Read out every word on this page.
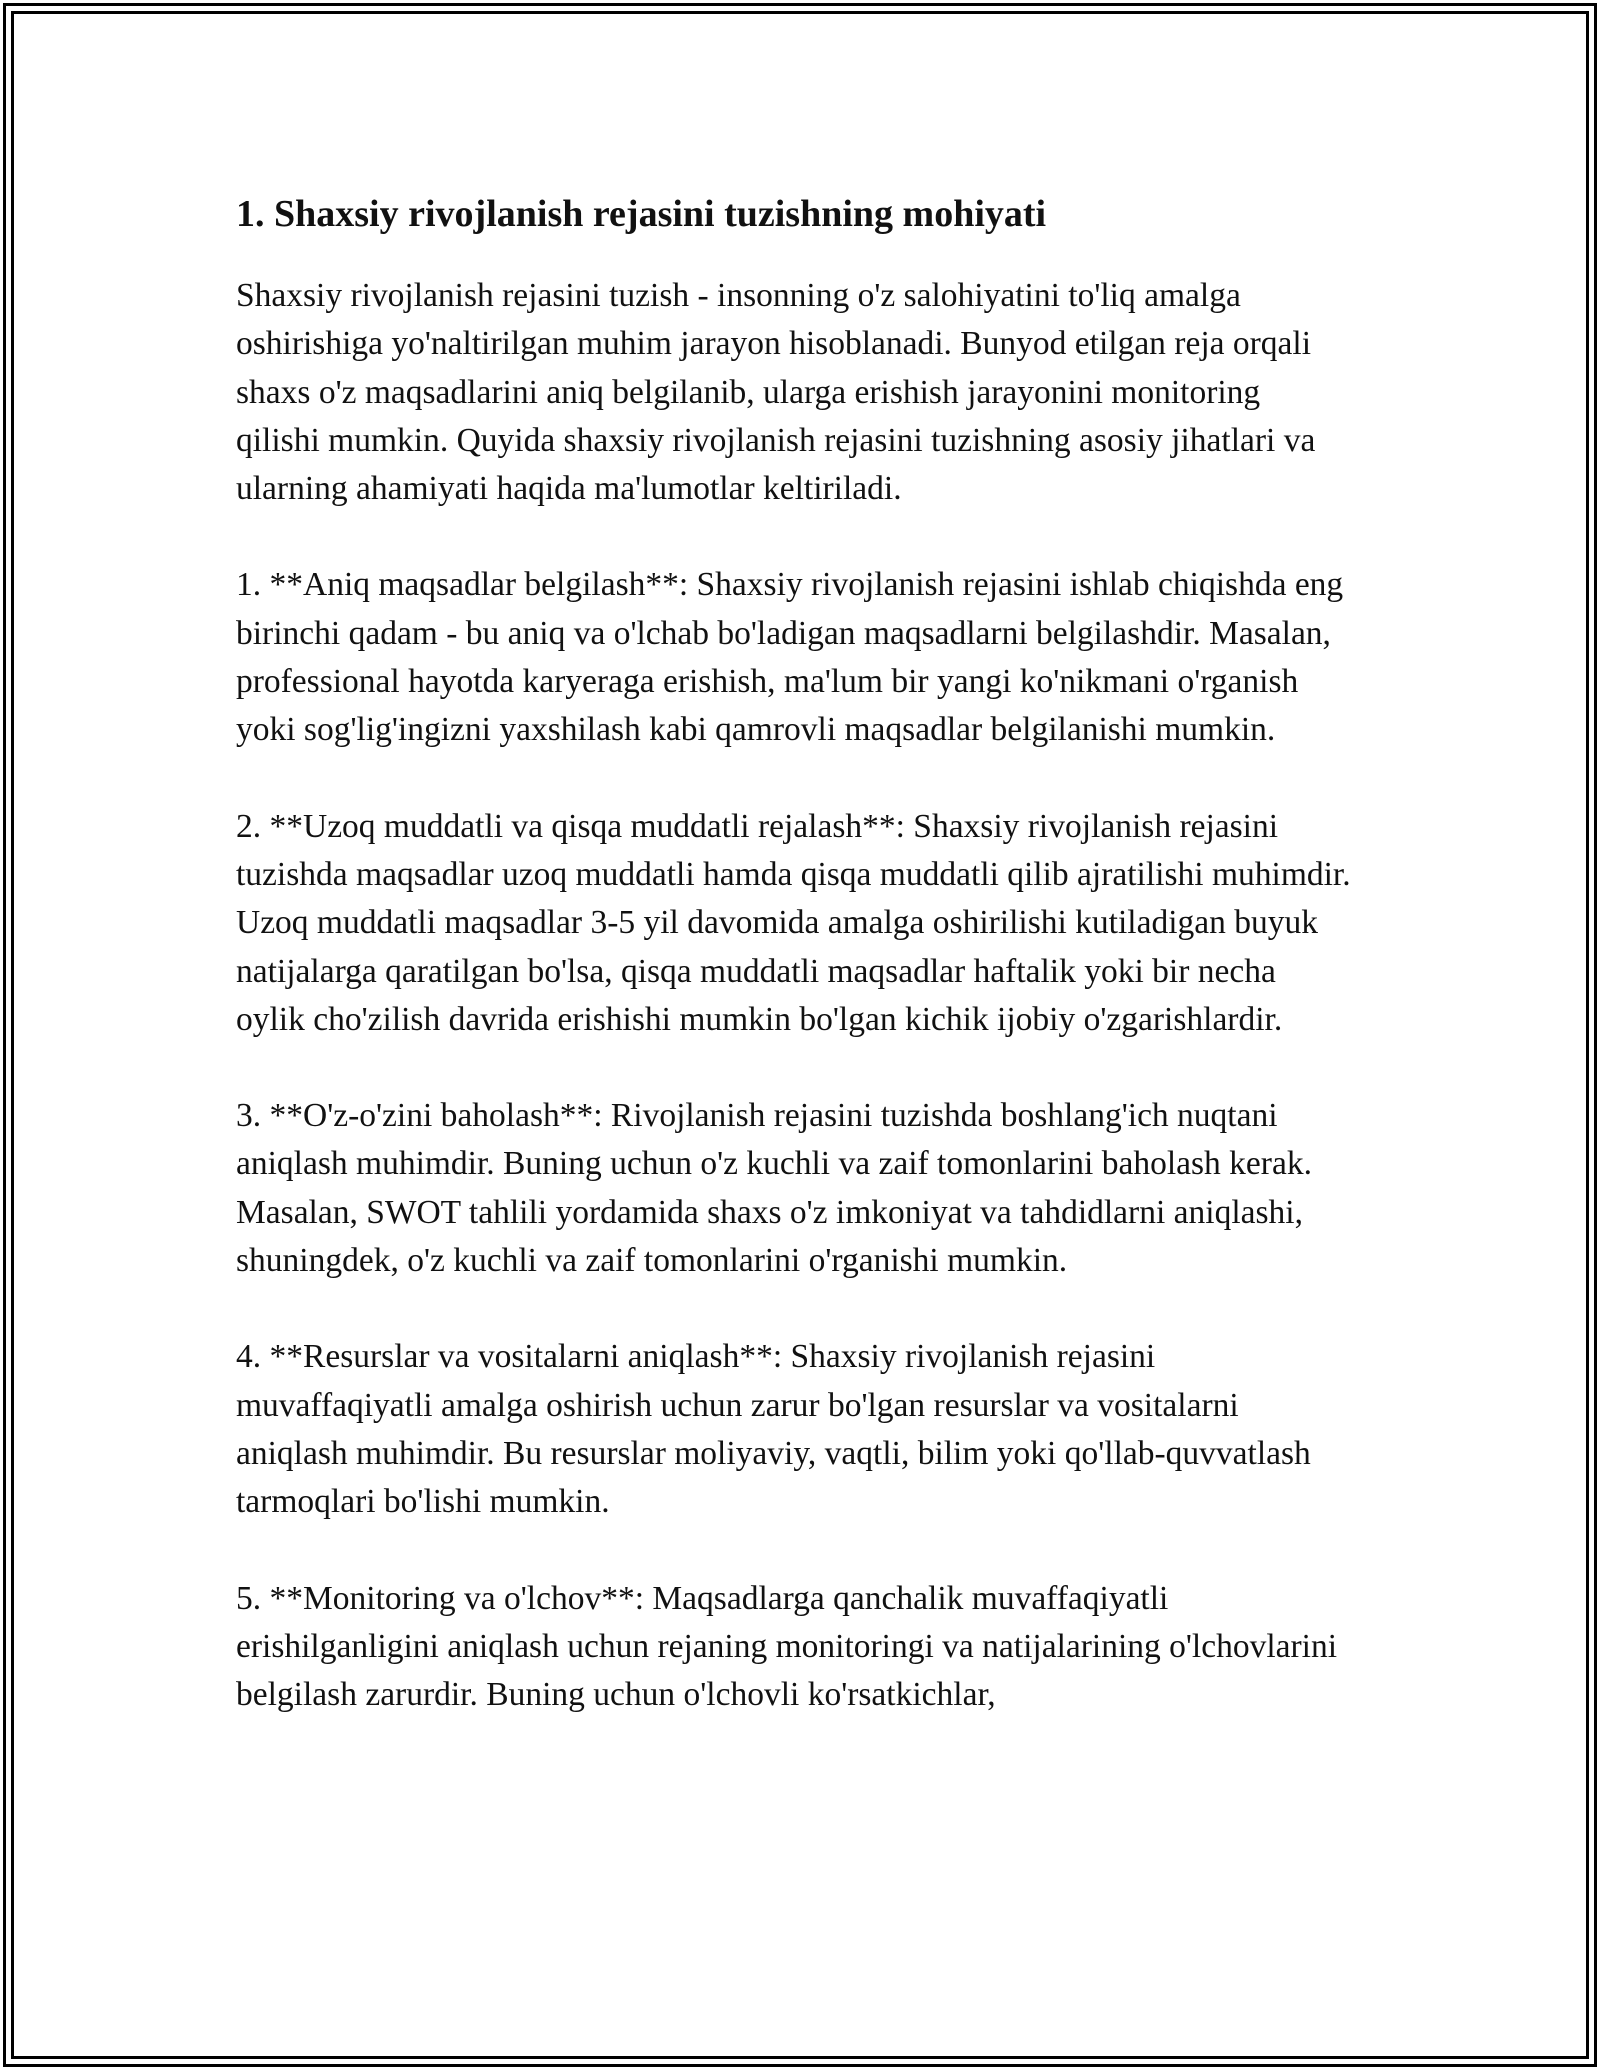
1. Shaxsiy rivojlanish rejasini tuzishning mohiyati

Shaxsiy rivojlanish rejasini tuzish - insonning o'z salohiyatini to'liq amalga oshirishiga yo'naltirilgan muhim jarayon hisoblanadi. Bunyod etilgan reja orqali shaxs o'z maqsadlarini aniq belgilanib, ularga erishish jarayonini monitoring qilishi mumkin. Quyida shaxsiy rivojlanish rejasini tuzishning asosiy jihatlari va ularning ahamiyati haqida ma'lumotlar keltiriladi.

1. **Aniq maqsadlar belgilash**: Shaxsiy rivojlanish rejasini ishlab chiqishda eng birinchi qadam - bu aniq va o'lchab bo'ladigan maqsadlarni belgilashdir. Masalan, professional hayotda karyeraga erishish, ma'lum bir yangi ko'nikmani o'rganish yoki sog'lig'ingizni yaxshilash kabi qamrovli maqsadlar belgilanishi mumkin.

2. **Uzoq muddatli va qisqa muddatli rejalash**: Shaxsiy rivojlanish rejasini tuzishda maqsadlar uzoq muddatli hamda qisqa muddatli qilib ajratilishi muhimdir. Uzoq muddatli maqsadlar 3-5 yil davomida amalga oshirilishi kutiladigan buyuk natijalarga qaratilgan bo'lsa, qisqa muddatli maqsadlar haftalik yoki bir necha oylik cho'zilish davrida erishishi mumkin bo'lgan kichik ijobiy o'zgarishlardir.

3. **O'z-o'zini baholash**: Rivojlanish rejasini tuzishda boshlang'ich nuqtani aniqlash muhimdir. Buning uchun o'z kuchli va zaif tomonlarini baholash kerak. Masalan, SWOT tahlili yordamida shaxs o'z imkoniyat va tahdidlarni aniqlashi, shuningdek, o'z kuchli va zaif tomonlarini o'rganishi mumkin.

4. **Resurslar va vositalarni aniqlash**: Shaxsiy rivojlanish rejasini muvaffaqiyatli amalga oshirish uchun zarur bo'lgan resurslar va vositalarni aniqlash muhimdir. Bu resurslar moliyaviy, vaqtli, bilim yoki qo'llab-quvvatlash tarmoqlari bo'lishi mumkin.

5. **Monitoring va o'lchov**: Maqsadlarga qanchalik muvaffaqiyatli erishilganligini aniqlash uchun rejaning monitoringi va natijalarining o'lchovlarini belgilash zarurdir. Buning uchun o'lchovli ko'rsatkichlar,
